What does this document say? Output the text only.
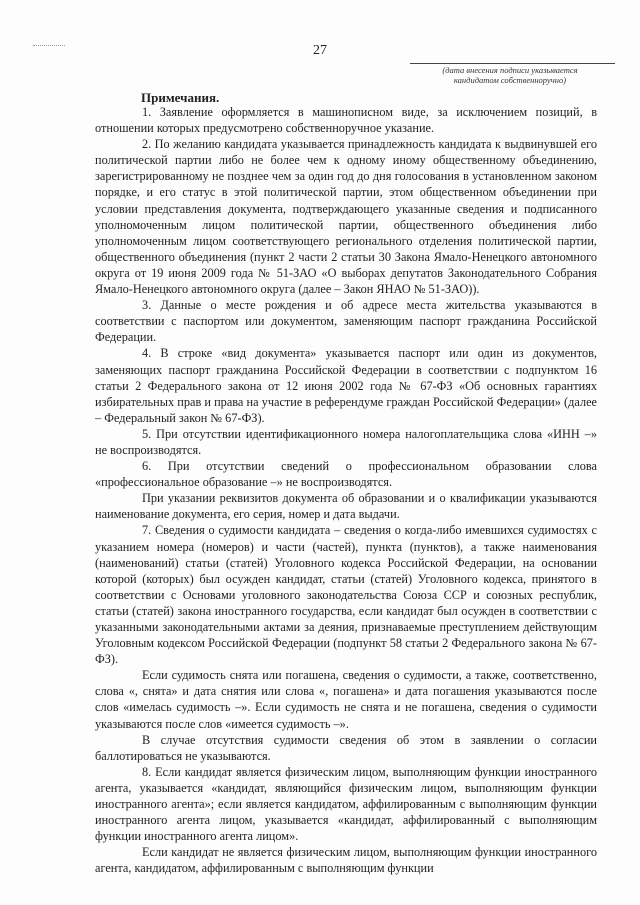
27
(дата внесения подписи указывается
кандидатом собственноручно)
Примечания.

1. Заявление оформляется в машинописном виде, за исключением позиций, в отношении которых предусмотрено собственноручное указание.

2. По желанию кандидата указывается принадлежность кандидата к выдвинувшей его политической партии либо не более чем к одному иному общественному объединению, зарегистрированному не позднее чем за один год до дня голосования в установленном законом порядке, и его статус в этой политической партии, этом общественном объединении при условии представления документа, подтверждающего указанные сведения и подписанного уполномоченным лицом политической партии, общественного объединения либо уполномоченным лицом соответствующего регионального отделения политической партии, общественного объединения (пункт 2 части 2 статьи 30 Закона Ямало-Ненецкого автономного округа от 19 июня 2009 года № 51-ЗАО «О выборах депутатов Законодательного Собрания Ямало-Ненецкого автономного округа (далее – Закон ЯНАО № 51-ЗАО)).

3. Данные о месте рождения и об адресе места жительства указываются в соответствии с паспортом или документом, заменяющим паспорт гражданина Российской Федерации.

4. В строке «вид документа» указывается паспорт или один из документов, заменяющих паспорт гражданина Российской Федерации в соответствии с подпунктом 16 статьи 2 Федерального закона от 12 июня 2002 года № 67-ФЗ «Об основных гарантиях избирательных прав и права на участие в референдуме граждан Российской Федерации» (далее – Федеральный закон № 67-ФЗ).

5. При отсутствии идентификационного номера налогоплательщика слова «ИНН –» не воспроизводятся.

6. При отсутствии сведений о профессиональном образовании слова «профессиональное образование –» не воспроизводятся.

При указании реквизитов документа об образовании и о квалификации указываются наименование документа, его серия, номер и дата выдачи.

7. Сведения о судимости кандидата – сведения о когда-либо имевшихся судимостях с указанием номера (номеров) и части (частей), пункта (пунктов), а также наименования (наименований) статьи (статей) Уголовного кодекса Российской Федерации, на основании которой (которых) был осужден кандидат, статьи (статей) Уголовного кодекса, принятого в соответствии с Основами уголовного законодательства Союза ССР и союзных республик, статьи (статей) закона иностранного государства, если кандидат был осужден в соответствии с указанными законодательными актами за деяния, признаваемые преступлением действующим Уголовным кодексом Российской Федерации (подпункт 58 статьи 2 Федерального закона № 67-ФЗ).

Если судимость снята или погашена, сведения о судимости, а также, соответственно, слова «, снята» и дата снятия или слова «, погашена» и дата погашения указываются после слов «имелась судимость –». Если судимость не снята и не погашена, сведения о судимости указываются после слов «имеется судимость –».

В случае отсутствия судимости сведения об этом в заявлении о согласии баллотироваться не указываются.

8. Если кандидат является физическим лицом, выполняющим функции иностранного агента, указывается «кандидат, являющийся физическим лицом, выполняющим функции иностранного агента»; если является кандидатом, аффилированным с выполняющим функции иностранного агента лицом, указывается «кандидат, аффилированный с выполняющим функции иностранного агента лицом».

Если кандидат не является физическим лицом, выполняющим функции иностранного агента, кандидатом, аффилированным с выполняющим функции
